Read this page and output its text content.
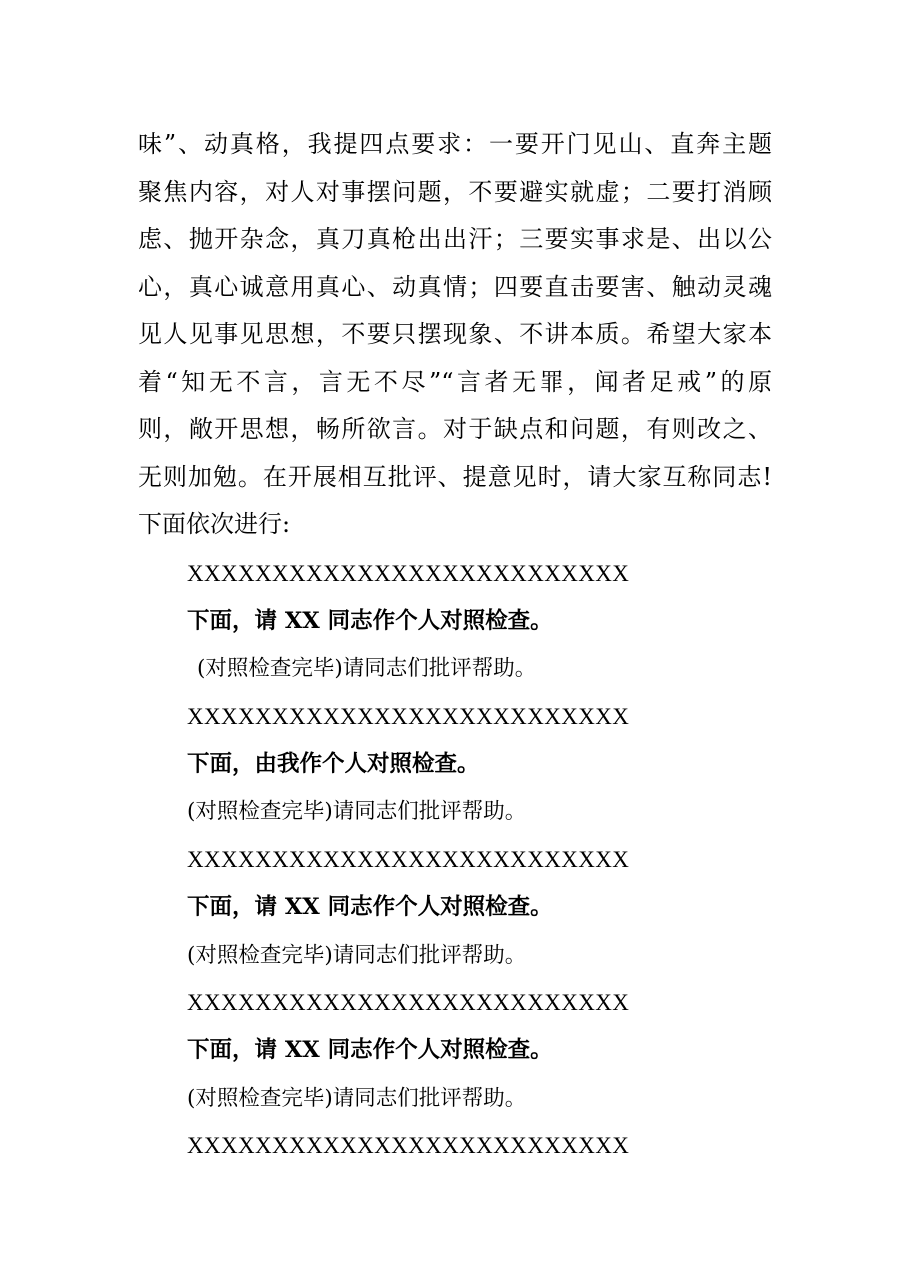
味”、动真格，我提四点要求：一要开门见山、直奔主题
聚焦内容，对人对事摆问题，不要避实就虚；二要打消顾
虑、抛开杂念，真刀真枪出出汗；三要实事求是、出以公
心，真心诚意用真心、动真情；四要直击要害、触动灵魂
见人见事见思想，不要只摆现象、不讲本质。希望大家本
着“知无不言，言无不尽”“言者无罪，闻者足戒”的原
则，敞开思想，畅所欲言。对于缺点和问题，有则改之、
无则加勉。在开展相互批评、提意见时，请大家互称同志!
下面依次进行:
XXXXXXXXXXXXXXXXXXXXXXXXXX
下面，请 XX 同志作个人对照检查。
(对照检查完毕)请同志们批评帮助。
XXXXXXXXXXXXXXXXXXXXXXXXXX
下面，由我作个人对照检查。
(对照检查完毕)请同志们批评帮助。
XXXXXXXXXXXXXXXXXXXXXXXXXX
下面，请 XX 同志作个人对照检查。
(对照检查完毕)请同志们批评帮助。
XXXXXXXXXXXXXXXXXXXXXXXXXX
下面，请 XX 同志作个人对照检查。
(对照检查完毕)请同志们批评帮助。
XXXXXXXXXXXXXXXXXXXXXXXXXX
